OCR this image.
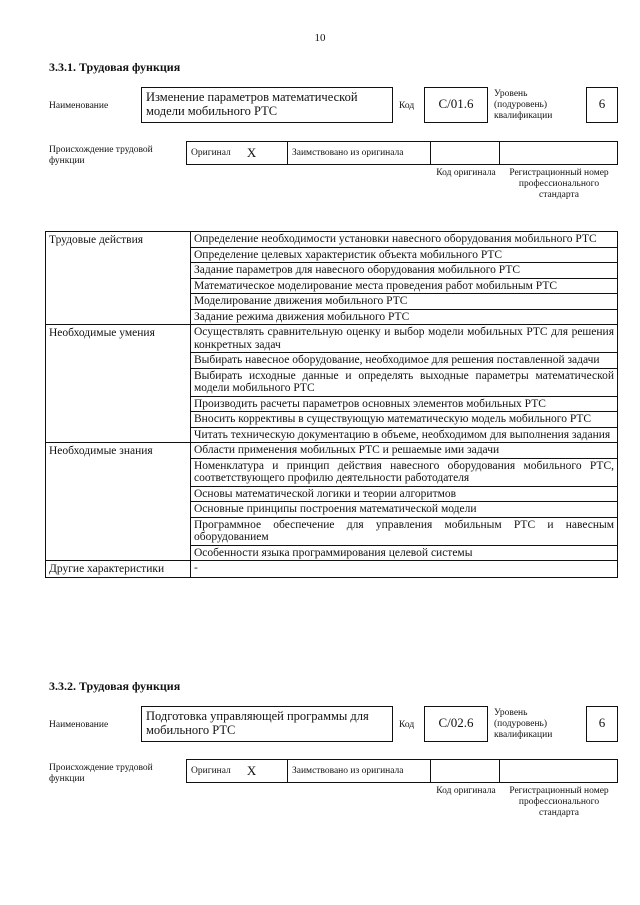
10
3.3.1. Трудовая функция
Наименование
Изменение параметров математической модели мобильного РТС	Код	C/01.6
Уровень (подуровень) квалификации
6
Происхождение трудовой функции
Оригинал X	Заимствовано из оригинала
Код оригинала	Регистрационный номер профессионального стандарта
Трудовые действия	Определение необходимости установки навесного оборудования мобильного РТС
	Определение целевых характеристик объекта мобильного РТС
	Задание параметров для навесного оборудования мобильного РТС
	Математическое моделирование места проведения работ мобильным РТС
	Моделирование движения мобильного РТС
	Задание режима движения мобильного РТС
Необходимые умения	Осуществлять сравнительную оценку и выбор модели мобильных РТС для решения конкретных задач
	Выбирать навесное оборудование, необходимое для решения поставленной задачи
	Выбирать исходные данные и определять выходные параметры математической модели мобильного РТС
	Производить расчеты параметров основных элементов мобильных РТС
	Вносить коррективы в существующую математическую модель мобильного РТС
	Читать техническую документацию в объеме, необходимом для выполнения задания
Необходимые знания	Области применения мобильных РТС и решаемые ими задачи
	Номенклатура и принцип действия навесного оборудования мобильного РТС, соответствующего профилю деятельности работодателя
	Основы математической логики и теории алгоритмов
	Основные принципы построения математической модели
	Программное обеспечение для управления мобильным РТС и навесным оборудованием
	Особенности языка программирования целевой системы
Другие характеристики	-
3.3.2. Трудовая функция
Наименование
Подготовка управляющей программы для мобильного РТС	Код	C/02.6
Уровень (подуровень) квалификации
6
Происхождение трудовой функции
Оригинал X	Заимствовано из оригинала
Код оригинала	Регистрационный номер профессионального стандарта
